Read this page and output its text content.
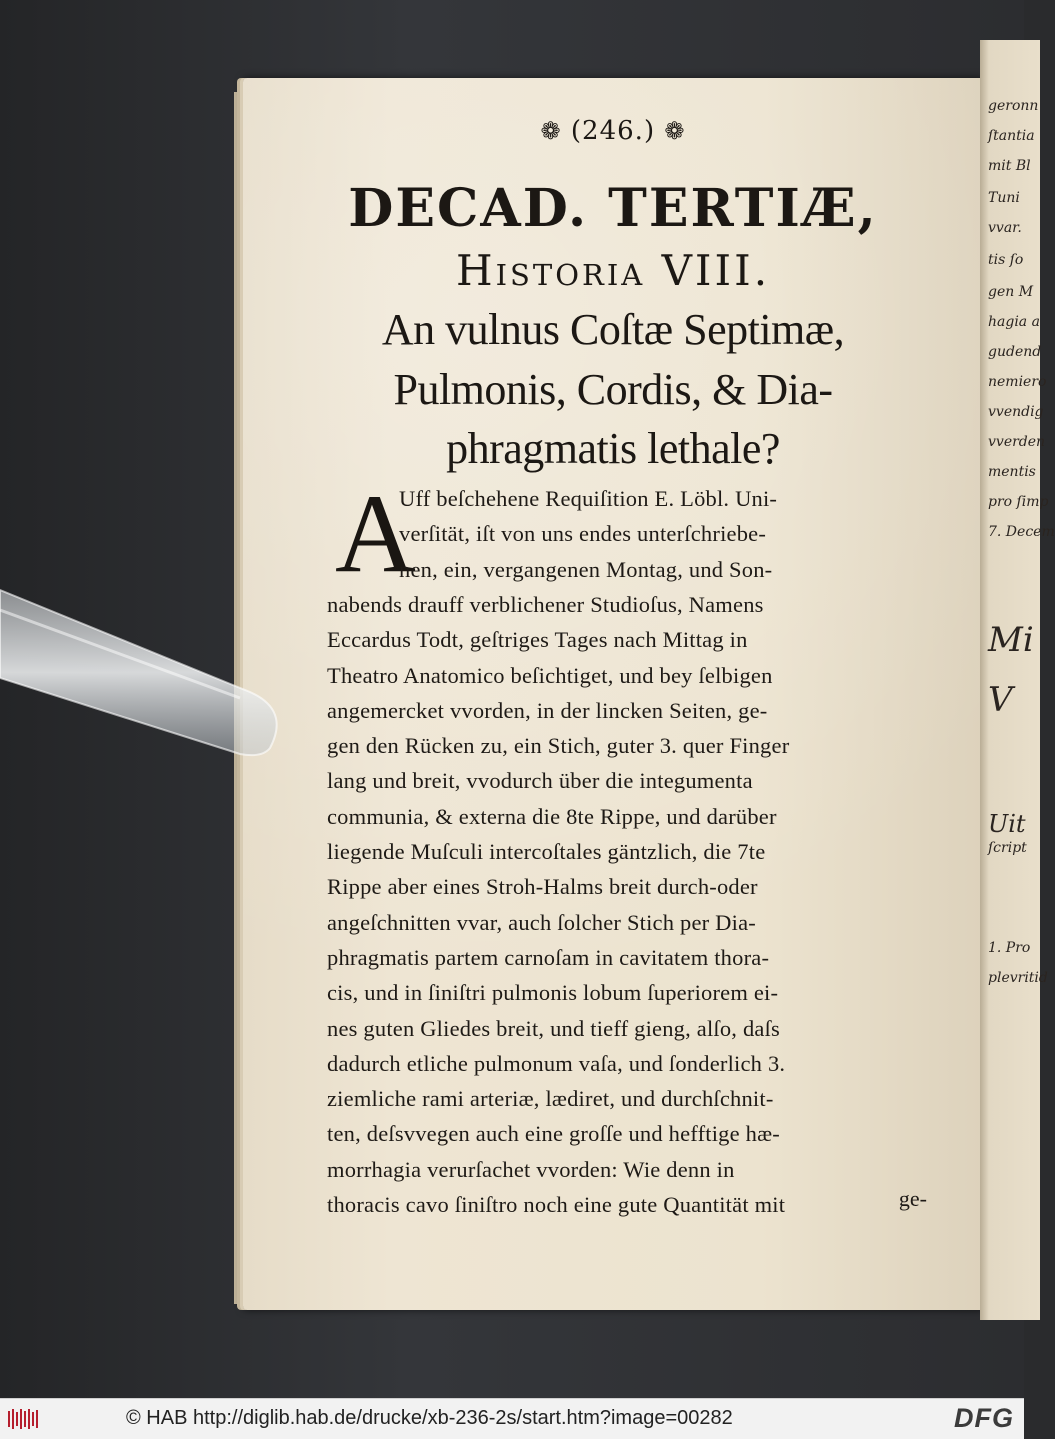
❁ (246.) ❁
DECAD. TERTIÆ,
Historia VIII.
An vulnus Coſtæ Septimæ,
Pulmonis, Cordis, & Dia-
phragmatis lethale?
A
ge-
Uff beſchehene Requiſition E. Löbl. Uni-
verſität, iſt von uns endes unterſchriebe-
nen, ein, vergangenen Montag, und Son-
nabends drauff verblichener Studioſus, Namens
Eccardus Todt, geſtriges Tages nach Mittag in
Theatro Anatomico beſichtiget, und bey ſelbigen
angemercket vvorden, in der lincken Seiten, ge-
gen den Rücken zu, ein Stich, guter 3. quer Finger
lang und breit, vvodurch über die integumenta
communia, & externa die 8te Rippe, und darüber
liegende Muſculi intercoſtales gäntzlich, die 7te
Rippe aber eines Stroh-Halms breit durch-oder
angeſchnitten vvar, auch ſolcher Stich per Dia-
phragmatis partem carnoſam in cavitatem thora-
cis, und in ſiniſtri pulmonis lobum ſuperiorem ei-
nes guten Gliedes breit, und tieff gieng, alſo, daſs
dadurch etliche pulmonum vaſa, und ſonderlich 3.
ziemliche rami arteriæ, lædiret, und durchſchnit-
ten, deſsvvegen auch eine groſſe und hefftige hæ-
morrhagia verurſachet vvorden: Wie denn in
thoracis cavo ſiniſtro noch eine gute Quantität mit
geronn
ſtantia
mit Bl
Tuni
vvar.
tis ſo
gen M
hagia a
gudend
nemiero
vvendig
vverden
mentis
pro ſimp
7. Decem
Mi
V
Uit
ſcript
1. Pro
plevritid
© HAB http://diglib.hab.de/drucke/xb-236-2s/start.htm?image=00282	DFG
